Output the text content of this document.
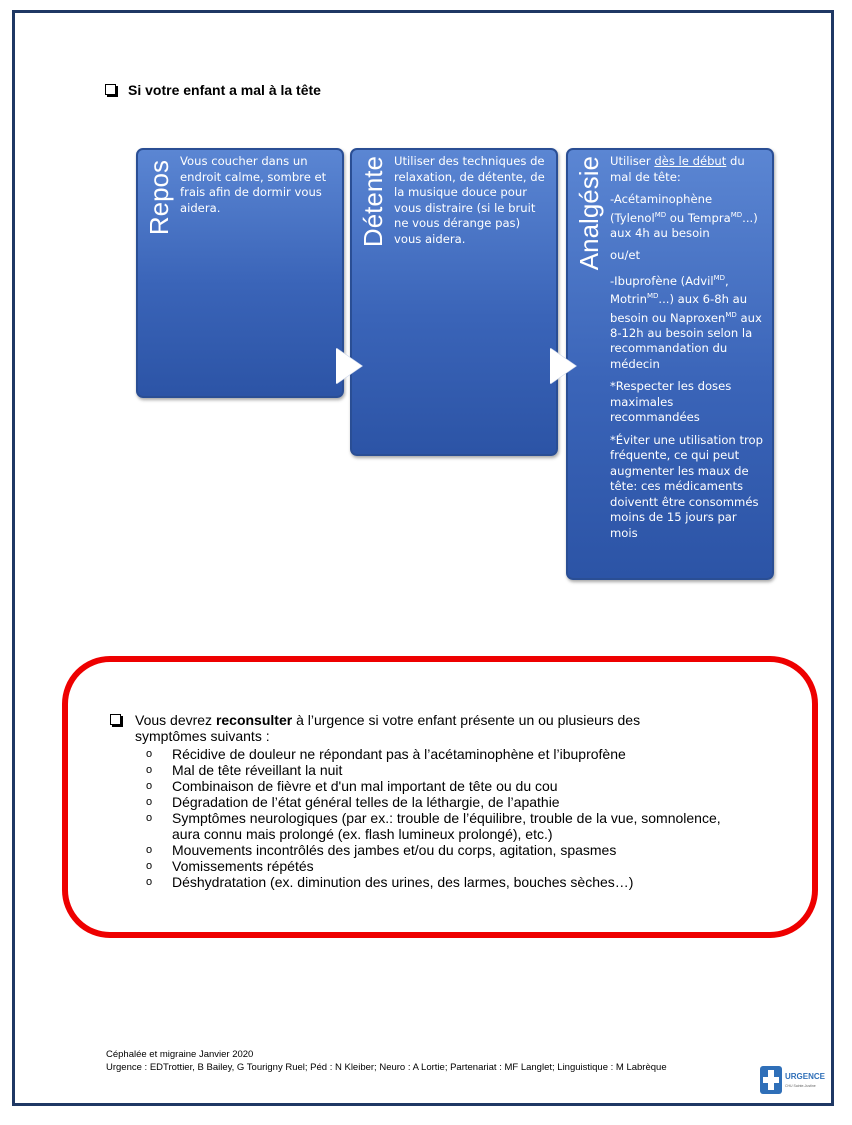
Si votre enfant a mal à la tête
Repos Vous coucher dans un endroit calme, sombre et frais afin de dormir vous aidera.	Détente Utiliser des techniques de relaxation, de détente, de la musique douce pour vous distraire (si le bruit ne vous dérange pas) vous aidera.	Analgésie Utiliser dès le début du mal de tête:

-Acétaminophène (Tylenol$^{MD}$ ou Tempra$^{MD}$...) aux 4h au besoin

ou/et

-Ibuprofène (Advil$^{MD}$, Motrin$^{MD}$...) aux 6-8h au besoin ou Naproxen$^{MD}$ aux 8-12h au besoin selon la recommandation du médecin

*Respecter les doses maximales recommandées

*Éviter une utilisation trop fréquente, ce qui peut augmenter les maux de tête: ces médicaments doiventt être consommés moins de 15 jours par mois

Vous devrez reconsulter à l’urgence si votre enfant présente un ou plusieurs des
symptômes suivants :
o Récidive de douleur ne répondant pas à l’acétaminophène et l’ibuprofène
o Mal de tête réveillant la nuit
o Combinaison de fièvre et d'un mal important de tête ou du cou
o Dégradation de l’état général telles de la léthargie, de l’apathie
o Symptômes neurologiques (par ex.: trouble de l’équilibre, trouble de la vue, somnolence, aura connu mais prolongé (ex. flash lumineux prolongé), etc.)
o Mouvements incontrôlés des jambes et/ou du corps, agitation, spasmes
o Vomissements répétés
o Déshydratation (ex. diminution des urines, des larmes, bouches sèches…)
Céphalée et migraine Janvier 2020
Urgence : EDTrottier, B Bailey, G Tourigny Ruel; Péd : N Kleiber; Neuro : A Lortie; Partenariat : MF Langlet; Linguistique : M Labrèque
URGENCE
CHU Sainte-Justine
